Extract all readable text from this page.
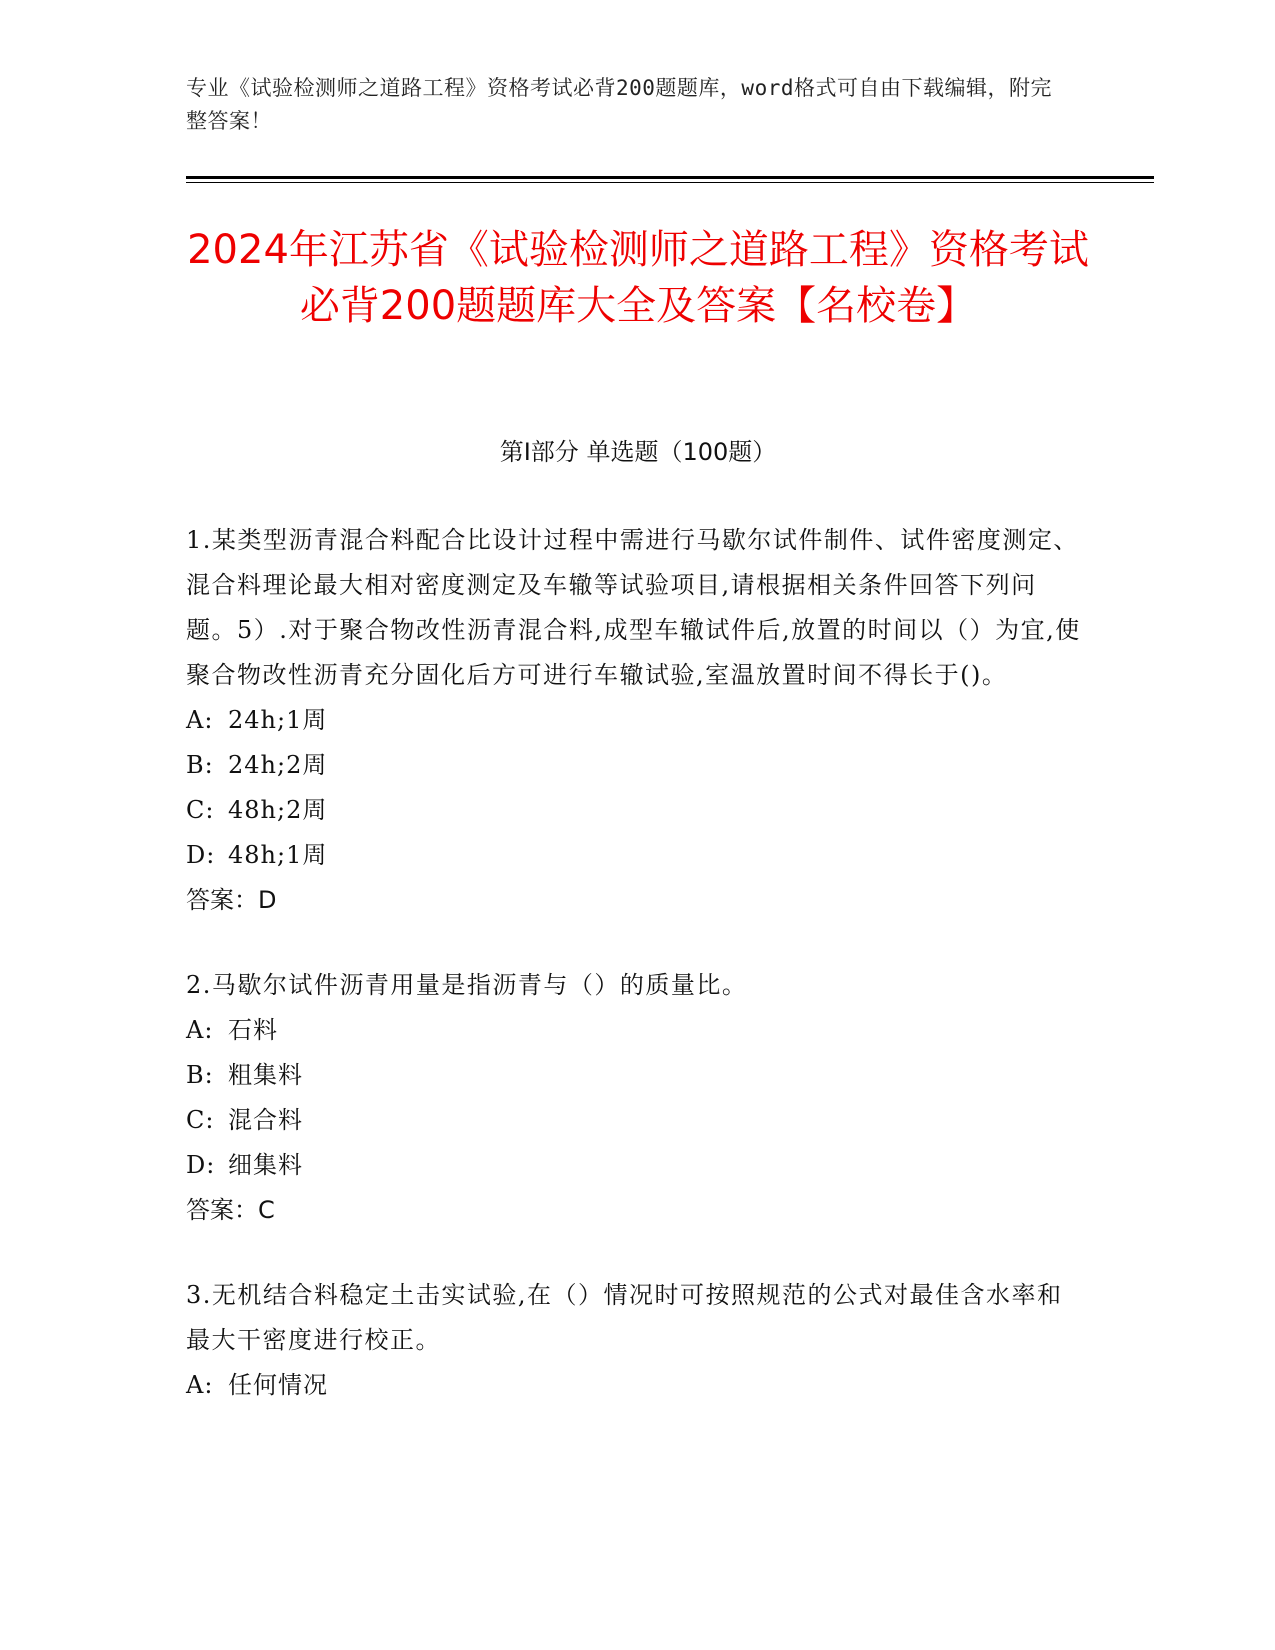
专业《试验检测师之道路工程》资格考试必背200题题库，word格式可自由下载编辑，附完整答案！
2024年江苏省《试验检测师之道路工程》资格考试必背200题题库大全及答案【名校卷】
第I部分 单选题（100题）

1.某类型沥青混合料配合比设计过程中需进行马歇尔试件制件、试件密度测定、混合料理论最大相对密度测定及车辙等试验项目,请根据相关条件回答下列问题。5）.对于聚合物改性沥青混合料,成型车辙试件后,放置的时间以（）为宜,使聚合物改性沥青充分固化后方可进行车辙试验,室温放置时间不得长于()。

A: 24h;1周

B: 24h;2周

C: 48h;2周

D: 48h;1周

答案：D

2.马歇尔试件沥青用量是指沥青与（）的质量比。

A: 石料

B: 粗集料

C: 混合料

D: 细集料

答案：C

3.无机结合料稳定土击实试验,在（）情况时可按照规范的公式对最佳含水率和最大干密度进行校正。

A: 任何情况
